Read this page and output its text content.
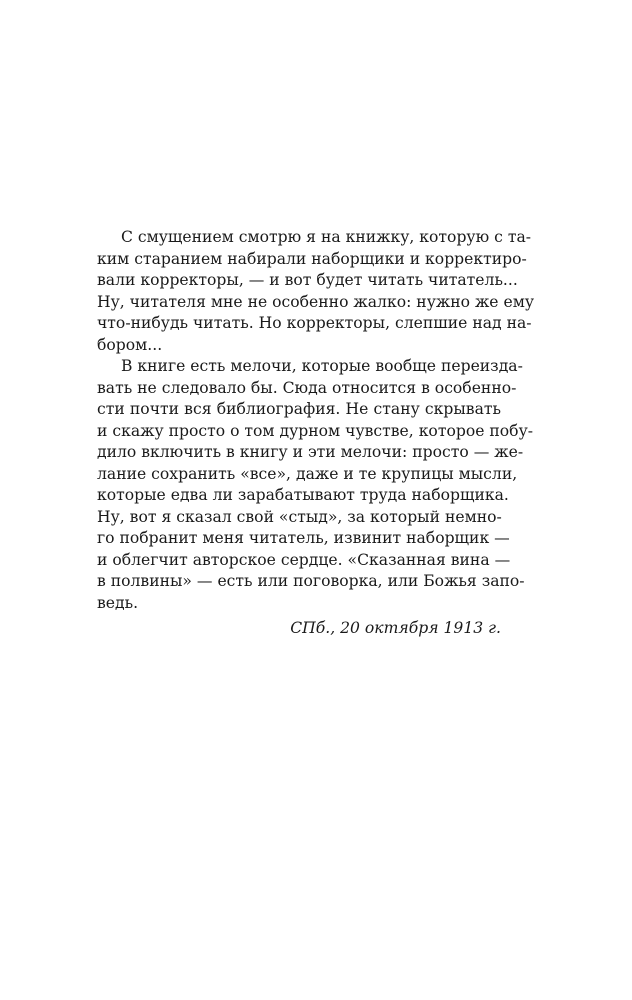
С смущением смотрю я на книжку, которую с та-
ким старанием набирали наборщики и корректиро-
вали корректоры, — и вот будет читать читатель...
Ну, читателя мне не особенно жалко: нужно же ему
что-нибудь читать. Но корректоры, слепшие над на-
бором...
В книге есть мелочи, которые вообще переизда-
вать не следовало бы. Сюда относится в особенно-
сти почти вся библиография. Не стану скрывать
и скажу просто о том дурном чувстве, которое побу-
дило включить в книгу и эти мелочи: просто — же-
лание сохранить «все», даже и те крупицы мысли,
которые едва ли зарабатывают труда наборщика.
Ну, вот я сказал свой «стыд», за который немно-
го побранит меня читатель, извинит наборщик —
и облегчит авторское сердце. «Сказанная вина —
в полвины» — есть или поговорка, или Божья запо-
ведь.
СПб., 20 октября 1913 г.
